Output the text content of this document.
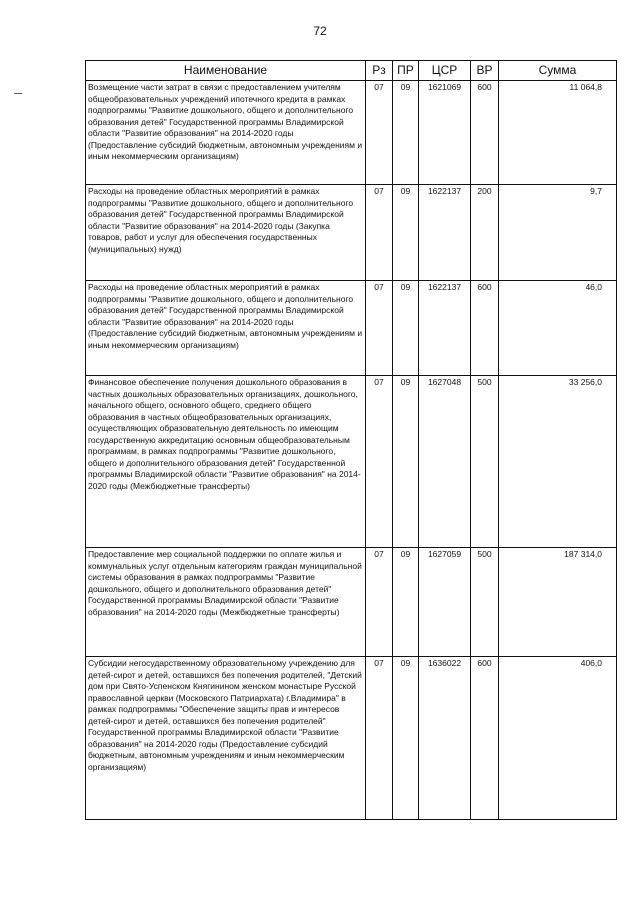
72
Наименование	Рз	ПР	ЦСР	ВР	Сумма
Возмещение части затрат в связи с предоставлением учителям общеобразовательных учреждений ипотечного кредита в рамках подпрограммы "Развитие дошкольного, общего и дополнительного образования детей" Государственной программы Владимирской области "Развитие образования" на 2014-2020 годы (Предоставление субсидий бюджетным, автономным учреждениям и иным некоммерческим организациям)	07	09	1621069	600	11 064,8
Расходы на проведение областных мероприятий в рамках подпрограммы "Развитие дошкольного, общего и дополнительного образования детей" Государственной программы Владимирской области "Развитие образования" на 2014-2020 годы (Закупка товаров, работ и услуг для обеспечения государственных (муниципальных) нужд)	07	09	1622137	200	9,7
Расходы на проведение областных мероприятий в рамках подпрограммы "Развитие дошкольного, общего и дополнительного образования детей" Государственной программы Владимирской области "Развитие образования" на 2014-2020 годы (Предоставление субсидий бюджетным, автономным учреждениям и иным некоммерческим организациям)	07	09	1622137	600	46,0
Финансовое обеспечение получения дошкольного образования в частных дошкольных образовательных организациях, дошкольного, начального общего, основного общего, среднего общего образования в частных общеобразовательных организациях, осуществляющих образовательную деятельность по имеющим государственную аккредитацию основным общеобразовательным программам, в рамках подпрограммы "Развитие дошкольного, общего и дополнительного образования детей" Государственной программы Владимирской области "Развитие образования" на 2014-2020 годы (Межбюджетные трансферты)	07	09	1627048	500	33 256,0
Предоставление мер социальной поддержки по оплате жилья и коммунальных услуг отдельным категориям граждан муниципальной системы образования в рамках подпрограммы "Развитие дошкольного, общего и дополнительного образования детей" Государственной программы Владимирской области "Развитие образования" на 2014-2020 годы (Межбюджетные трансферты)	07	09	1627059	500	187 314,0
Субсидии негосударственному образовательному учреждению для детей-сирот и детей, оставшихся без попечения родителей, "Детский дом при Свято-Успенском Княгинином женском монастыре Русской православной церкви (Московского Патриархата) г.Владимира" в рамках подпрограммы "Обеспечение защиты прав и интересов детей-сирот и детей, оставшихся без попечения родителей" Государственной программы Владимирской области "Развитие образования" на 2014-2020 годы (Предоставление субсидий бюджетным, автономным учреждениям и иным некоммерческим организациям)	07	09	1636022	600	406,0
